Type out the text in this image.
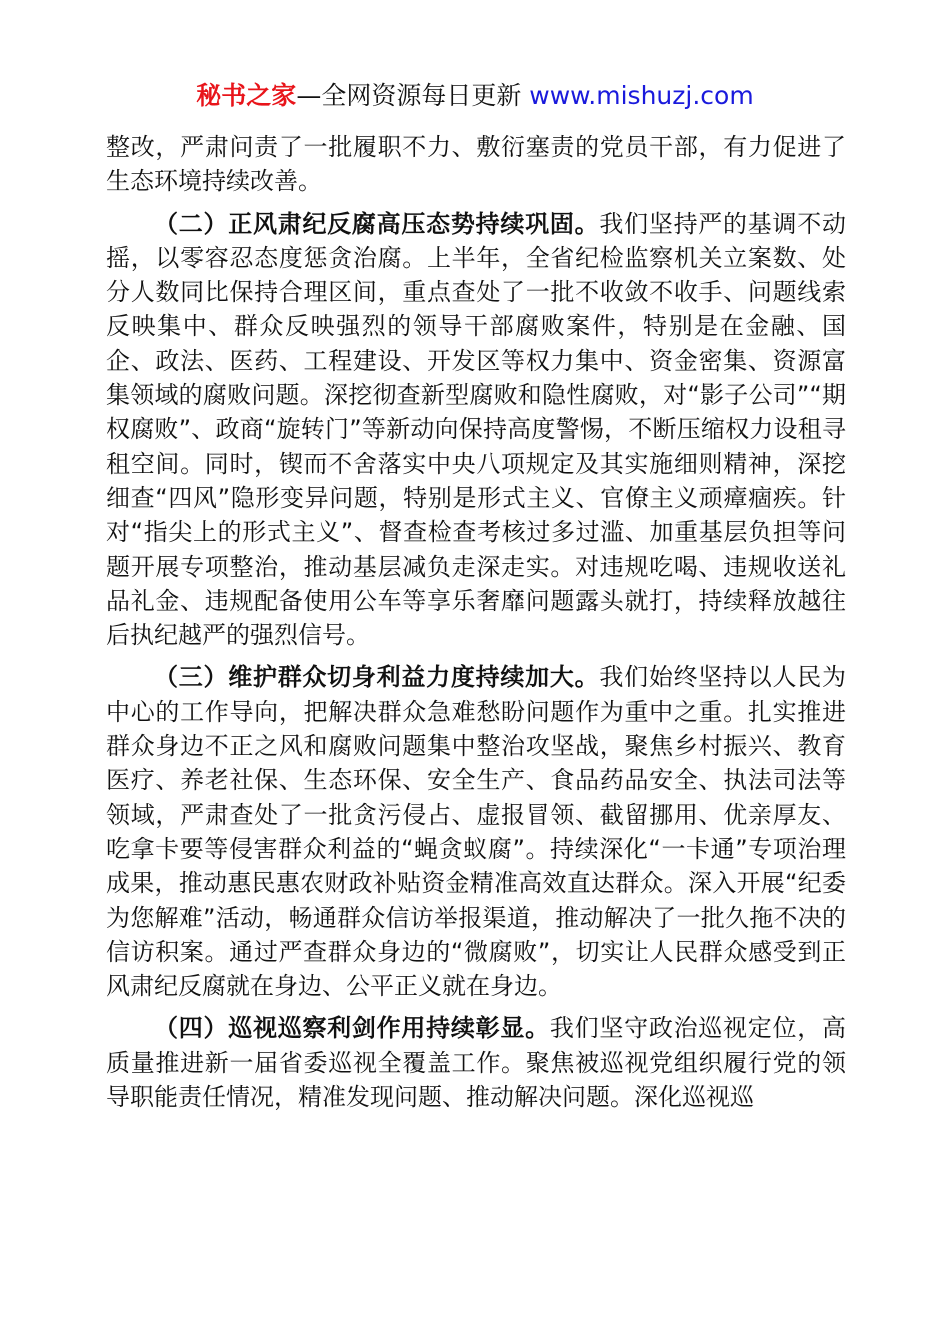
秘书之家—全网资源每日更新 www.mishuzj.com

整改，严肃问责了一批履职不力、敷衍塞责的党员干部，有力促进了生态环境持续改善。

（二）正风肃纪反腐高压态势持续巩固。我们坚持严的基调不动摇，以零容忍态度惩贪治腐。上半年，全省纪检监察机关立案数、处分人数同比保持合理区间，重点查处了一批不收敛不收手、问题线索反映集中、群众反映强烈的领导干部腐败案件，特别是在金融、国企、政法、医药、工程建设、开发区等权力集中、资金密集、资源富集领域的腐败问题。深挖彻查新型腐败和隐性腐败，对“影子公司”“期权腐败”、政商“旋转门”等新动向保持高度警惕，不断压缩权力设租寻租空间。同时，锲而不舍落实中央八项规定及其实施细则精神，深挖细查“四风”隐形变异问题，特别是形式主义、官僚主义顽瘴痼疾。针对“指尖上的形式主义”、督查检查考核过多过滥、加重基层负担等问题开展专项整治，推动基层减负走深走实。对违规吃喝、违规收送礼品礼金、违规配备使用公车等享乐奢靡问题露头就打，持续释放越往后执纪越严的强烈信号。

（三）维护群众切身利益力度持续加大。我们始终坚持以人民为中心的工作导向，把解决群众急难愁盼问题作为重中之重。扎实推进群众身边不正之风和腐败问题集中整治攻坚战，聚焦乡村振兴、教育医疗、养老社保、生态环保、安全生产、食品药品安全、执法司法等领域，严肃查处了一批贪污侵占、虚报冒领、截留挪用、优亲厚友、吃拿卡要等侵害群众利益的“蝇贪蚁腐”。持续深化“一卡通”专项治理成果，推动惠民惠农财政补贴资金精准高效直达群众。深入开展“纪委为您解难”活动，畅通群众信访举报渠道，推动解决了一批久拖不决的信访积案。通过严查群众身边的“微腐败”，切实让人民群众感受到正风肃纪反腐就在身边、公平正义就在身边。

（四）巡视巡察利剑作用持续彰显。我们坚守政治巡视定位，高质量推进新一届省委巡视全覆盖工作。聚焦被巡视党组织履行党的领导职能责任情况，精准发现问题、推动解决问题。深化巡视巡
